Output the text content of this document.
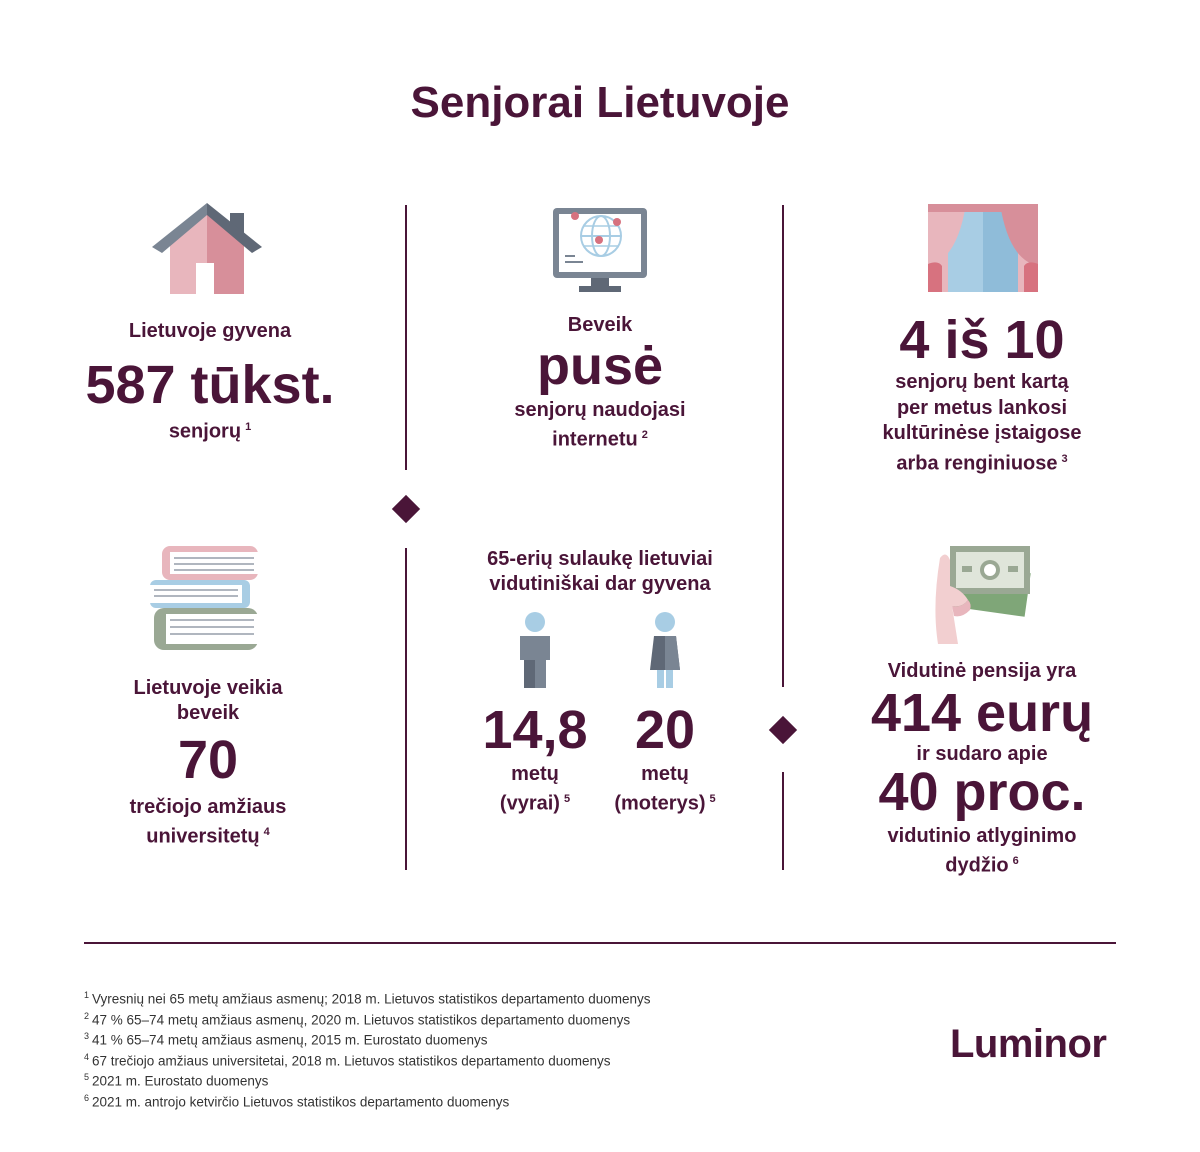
Senjorai Lietuvoje
Lietuvoje gyvena
587 tūkst.
senjorų $^1$
Beveik
pusė
senjorų naudojasi
internetu $^2$
4 iš 10
senjorų bent kartą
per metus lankosi
kultūrinėse įstaigose
arba renginiuose $^3$
Lietuvoje veikia
beveik
70
trečiojo amžiaus
universitetų $^4$
65-erių sulaukę lietuviai
vidutiniškai dar gyvena
14,8
metų
(vyrai) $^5$
20
metų
(moterys) $^5$
Vidutinė pensija yra
414 eurų
ir sudaro apie
40 proc.
vidutinio atlyginimo
dydžio $^6$
$^1$ Vyresnių nei 65 metų amžiaus asmenų; 2018 m. Lietuvos statistikos departamento duomenys
$^2$ 47 % 65–74 metų amžiaus asmenų, 2020 m. Lietuvos statistikos departamento duomenys
$^3$ 41 % 65–74 metų amžiaus asmenų, 2015 m. Eurostato duomenys
$^4$ 67 trečiojo amžiaus universitetai, 2018 m. Lietuvos statistikos departamento duomenys
$^5$ 2021 m. Eurostato duomenys
$^6$ 2021 m. antrojo ketvirčio Lietuvos statistikos departamento duomenys
Luminor
